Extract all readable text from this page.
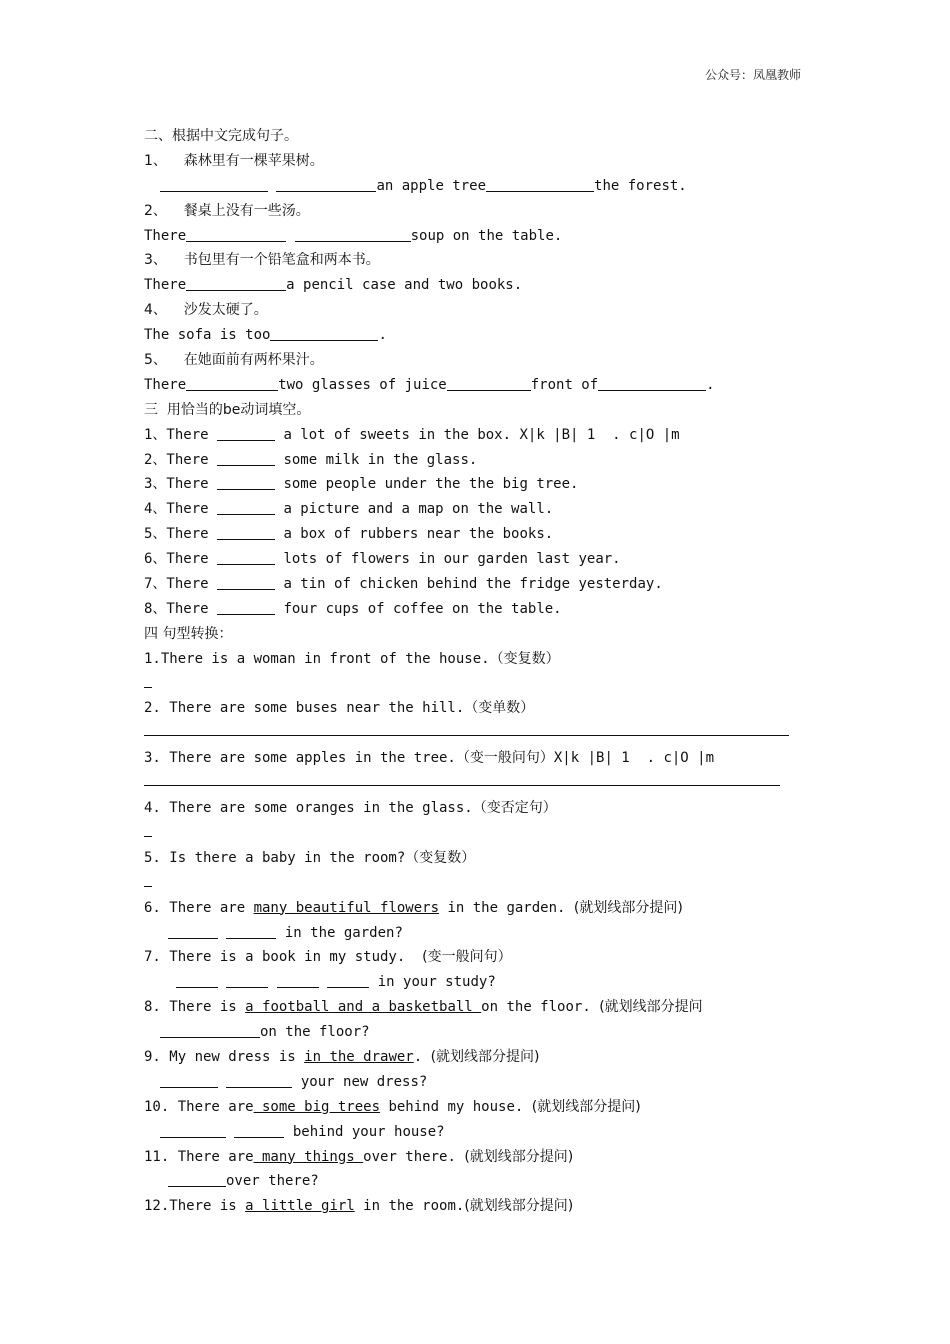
公众号：凤凰教师
二、根据中文完成句子。
1、 森林里有一棵苹果树。
an apple tree	the forest.
2、 餐桌上没有一些汤。
There	soup on the table.
3、 书包里有一个铅笔盒和两本书。
There	a pencil case and two books.
4、 沙发太硬了。
The sofa is too	.
5、 在她面前有两杯果汁。
There	two glasses of juice	front of	.
三  用恰当的be动词填空。
1、There	a lot of sweets in the box. X|k |B| 1  . c|O |m
2、There	some milk in the glass.
3、There	some people under the the big tree.
4、There	a picture and a map on the wall.
5、There	a box of rubbers near the books.
6、There	lots of flowers in our garden last year.
7、There	a tin of chicken behind the fridge yesterday.
8、There	four cups of coffee on the table.
四 句型转换：
1.There is a woman in front of the house.（变复数）
2. There are some buses near the hill.（变单数）
3. There are some apples in the tree.（变一般问句）X|k |B| 1  . c|O |m
4. There are some oranges in the glass.（变否定句）
5. Is there a baby in the room?（变复数）
6. There are many beautiful flowers in the garden. (就划线部分提问)
in the garden?
7. There is a book in my study.  (变一般问句）
in your study?
8. There is a football and a basketball on the floor. (就划线部分提问
on the floor?
9. My new dress is in the drawer. (就划线部分提问)
your new dress?
10. There are some big trees behind my house. (就划线部分提问)
behind your house?
11. There are many things over there. (就划线部分提问)
over there?
12.There is a little girl in the room.(就划线部分提问)
